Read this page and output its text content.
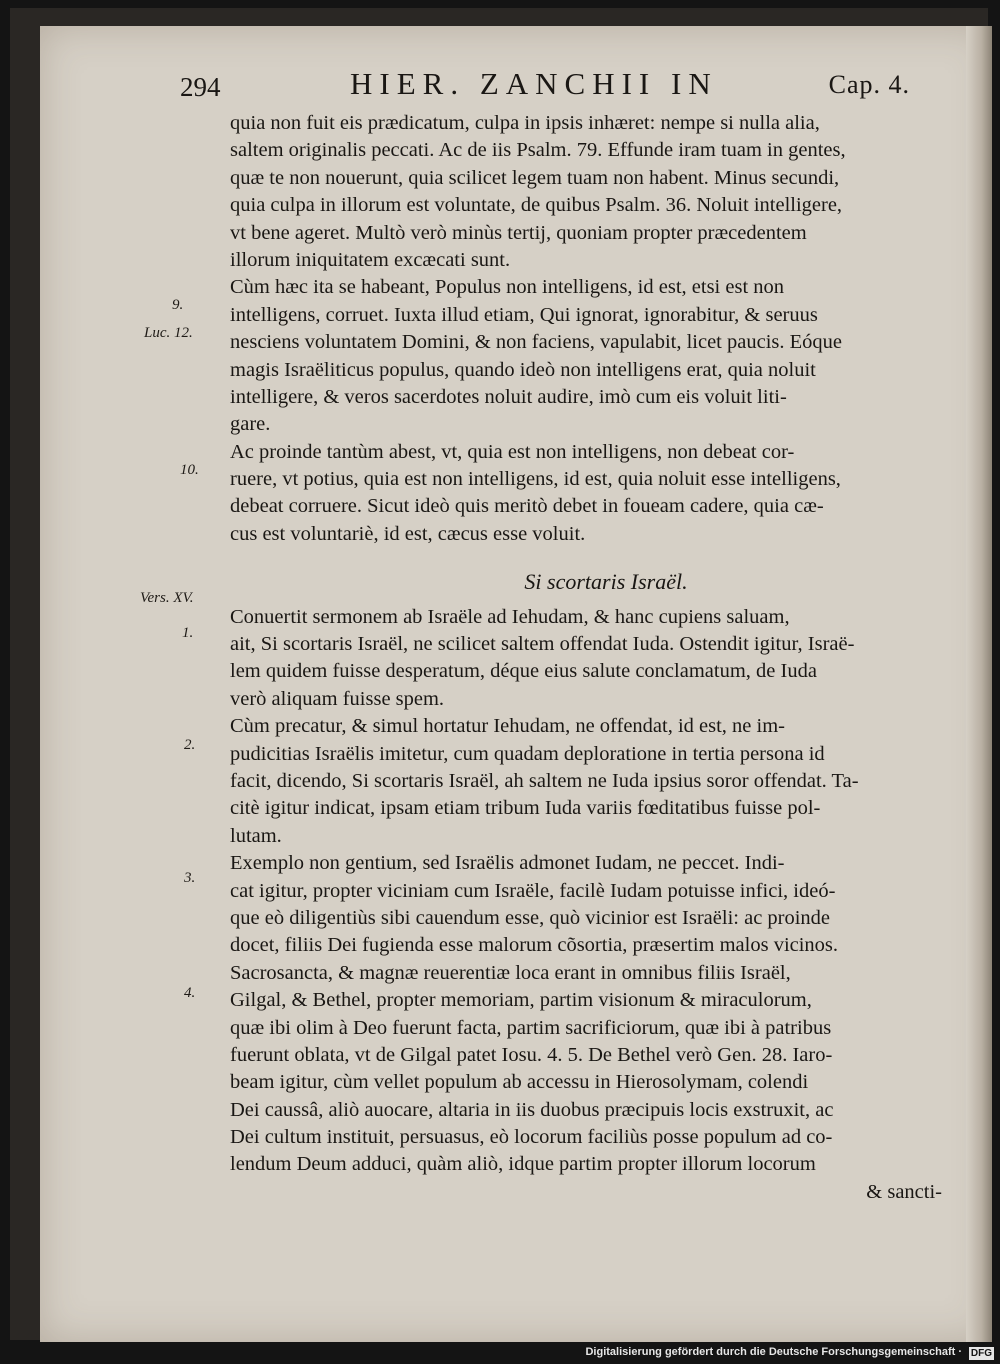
294	HIER. ZANCHII IN	Cap. 4.
9.
Luc. 12.
10.
Vers. XV.
1.
2.
3.
4.
quia non fuit eis prædicatum, culpa in ipsis inhæret: nempe si nulla alia,
saltem originalis peccati. Ac de iis Psalm. 79. Effunde iram tuam in gentes,
quæ te non nouerunt, quia scilicet legem tuam non habent. Minus secundi,
quia culpa in illorum est voluntate, de quibus Psalm. 36. Noluit intelligere,
vt bene ageret. Multò verò minùs tertij, quoniam propter præcedentem
illorum iniquitatem excæcati sunt.
Cùm hæc ita se habeant, Populus non intelligens, id est, etsi est non
intelligens, corruet. Iuxta illud etiam, Qui ignorat, ignorabitur, & seruus
nesciens voluntatem Domini, & non faciens, vapulabit, licet paucis. Eóque
magis Israëliticus populus, quando ideò non intelligens erat, quia noluit
intelligere, & veros sacerdotes noluit audire, imò cum eis voluit liti-
gare.
Ac proinde tantùm abest, vt, quia est non intelligens, non debeat cor-
ruere, vt potius, quia est non intelligens, id est, quia noluit esse intelligens,
debeat corruere. Sicut ideò quis meritò debet in foueam cadere, quia cæ-
cus est voluntariè, id est, cæcus esse voluit.
Si scortaris Israël.
Conuertit sermonem ab Israële ad Iehudam, & hanc cupiens saluam,
ait, Si scortaris Israël, ne scilicet saltem offendat Iuda. Ostendit igitur, Israë-
lem quidem fuisse desperatum, déque eius salute conclamatum, de Iuda
verò aliquam fuisse spem.
Cùm precatur, & simul hortatur Iehudam, ne offendat, id est, ne im-
pudicitias Israëlis imitetur, cum quadam deploratione in tertia persona id
facit, dicendo, Si scortaris Israël, ah saltem ne Iuda ipsius soror offendat. Ta-
citè igitur indicat, ipsam etiam tribum Iuda variis fœditatibus fuisse pol-
lutam.
Exemplo non gentium, sed Israëlis admonet Iudam, ne peccet. Indi-
cat igitur, propter viciniam cum Israële, facilè Iudam potuisse infici, ideó-
que eò diligentiùs sibi cauendum esse, quò vicinior est Israëli: ac proinde
docet, filiis Dei fugienda esse malorum cõsortia, præsertim malos vicinos.
Sacrosancta, & magnæ reuerentiæ loca erant in omnibus filiis Israël,
Gilgal, & Bethel, propter memoriam, partim visionum & miraculorum,
quæ ibi olim à Deo fuerunt facta, partim sacrificiorum, quæ ibi à patribus
fuerunt oblata, vt de Gilgal patet Iosu. 4. 5. De Bethel verò Gen. 28. Iaro-
beam igitur, cùm vellet populum ab accessu in Hierosolymam, colendi
Dei caussâ, aliò auocare, altaria in iis duobus præcipuis locis exstruxit, ac
Dei cultum instituit, persuasus, eò locorum faciliùs posse populum ad co-
lendum Deum adduci, quàm aliò, idque partim propter illorum locorum
& sancti-
Digitalisierung gefördert durch die Deutsche Forschungsgemeinschaft · DFG
